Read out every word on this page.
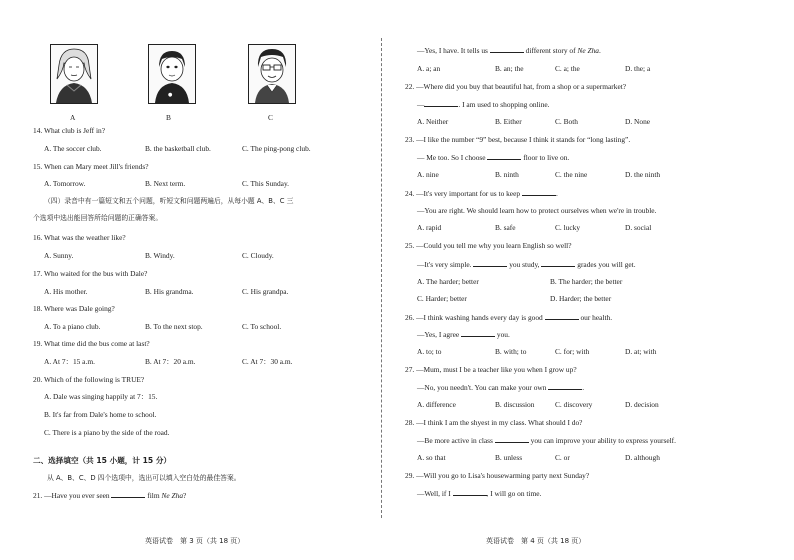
●
A	B	C
14. What club is Jeff in?
A. The soccer club.	B. the basketball club.	C. The ping-pong club.
15. When can Mary meet Jill's friends?
A. Tomorrow.	B. Next term.	C. This Sunday.
（四）录音中有一篇短文和五个问题，听短文和问题两遍后，从每小题 A、B、C 三
个选项中选出能回答所给问题的正确答案。
16. What was the weather like?
A. Sunny.	B. Windy.	C. Cloudy.
17. Who waited for the bus with Dale?
A. His mother.	B. His grandma.	C. His grandpa.
18. Where was Dale going?
A. To a piano club.	B. To the next stop.	C. To school.
19. What time did the bus come at last?
A. At 7：15 a.m.	B. At 7：20 a.m.	C. At 7：30 a.m.
20. Which of the following is TRUE?
A. Dale was singing happily at 7：15.
B. It's far from Dale's home to school.
C. There is a piano by the side of the road.
二、选择填空（共 15 小题，计 15 分）
从 A、B、C、D 四个选项中，选出可以填入空白处的最佳答案。
21. —Have you ever seen	film Ne Zha?
英语试卷　第 3 页（共 18 页）
—Yes, I have. It tells us	different story of Ne Zha.
A. a; an	B. an; the	C. a; the	D. the; a
22. —Where did you buy that beautiful hat, from a shop or a supermarket?
—	. I am used to shopping online.
A. Neither	B. Either	C. Both	D. None
23. —I like the number “9” best, because I think it stands for “long lasting”.
— Me too. So I choose	floor to live on.
A. nine	B. ninth	C. the nine	D. the ninth
24. —It's very important for us to keep	.
—You are right. We should learn how to protect ourselves when we're in trouble.
A. rapid	B. safe	C. lucky	D. social
25. —Could you tell me why you learn English so well?
—It's very simple.	you study,	grades you will get.
A. The harder; better	B. The harder; the better
C. Harder; better	D. Harder; the better
26. —I think washing hands every day is good	our health.
—Yes, I agree	you.
A. to; to	B. with; to	C. for; with	D. at; with
27. —Mum, must I be a teacher like you when I grow up?
—No, you needn't. You can make your own	.
A. difference	B. discussion	C. discovery	D. decision
28. —I think I am the shyest in my class. What should I do?
—Be more active in class	you can improve your ability to express yourself.
A. so that	B. unless	C. or	D. although
29. —Will you go to Lisa's housewarming party next Sunday?
—Well, if I	, I will go on time.
英语试卷　第 4 页（共 18 页）
